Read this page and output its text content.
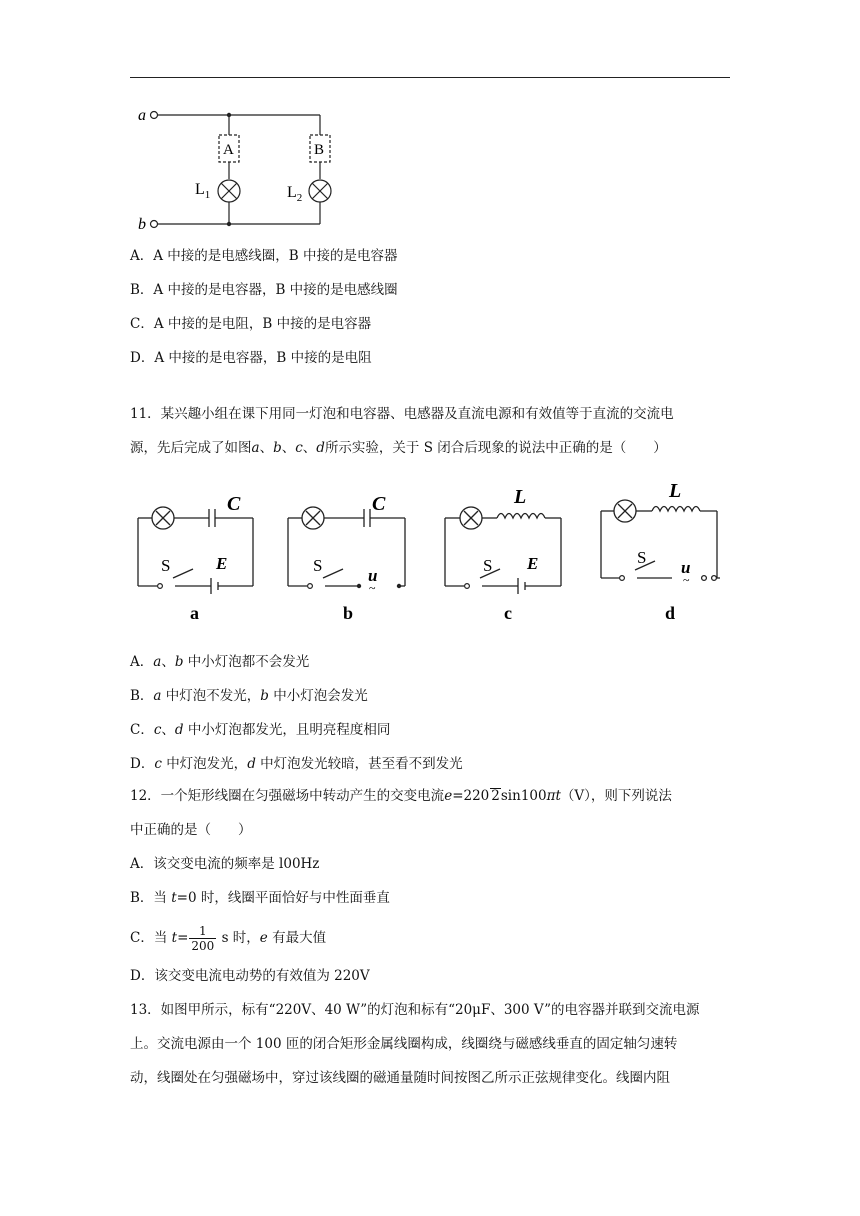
a
b
A	B
$L_1$	$L_2$
A．A 中接的是电感线圈，B 中接的是电容器
B．A 中接的是电容器，B 中接的是电感线圈
C．A 中接的是电阻，B 中接的是电容器
D．A 中接的是电容器，B 中接的是电阻
11．某兴趣小组在课下用同一灯泡和电容器、电感器及直流电源和有效值等于直流的交流电
源，先后完成了如图a、b、c、d所示实验，关于 S 闭合后现象的说法中正确的是（　　）
C
S	E
C
S
u
~
L
S E
L
S
u
~
a	b	c	d
A．a、b 中小灯泡都不会发光
B．a 中灯泡不发光，b 中小灯泡会发光
C．c、d 中小灯泡都发光，且明亮程度相同
D．c 中灯泡发光，d 中灯泡发光较暗，甚至看不到发光
12．一个矩形线圈在匀强磁场中转动产生的交变电流e=220 2sin100πt（V），则下列说法
中正确的是（　　）
A．该交变电流的频率是 l00Hz
B．当 t=0 时，线圈平面恰好与中性面垂直
C．当 $t= \frac{1}{200}$ s 时，e 有最大值
D．该交变电流电动势的有效值为 220V
13．如图甲所示，标有“220V、40 W”的灯泡和标有“20μF、300 V”的电容器并联到交流电源
上。交流电源由一个 100 匝的闭合矩形金属线圈构成，线圈绕与磁感线垂直的固定轴匀速转
动，线圈处在匀强磁场中，穿过该线圈的磁通量随时间按图乙所示正弦规律变化。线圈内阻
